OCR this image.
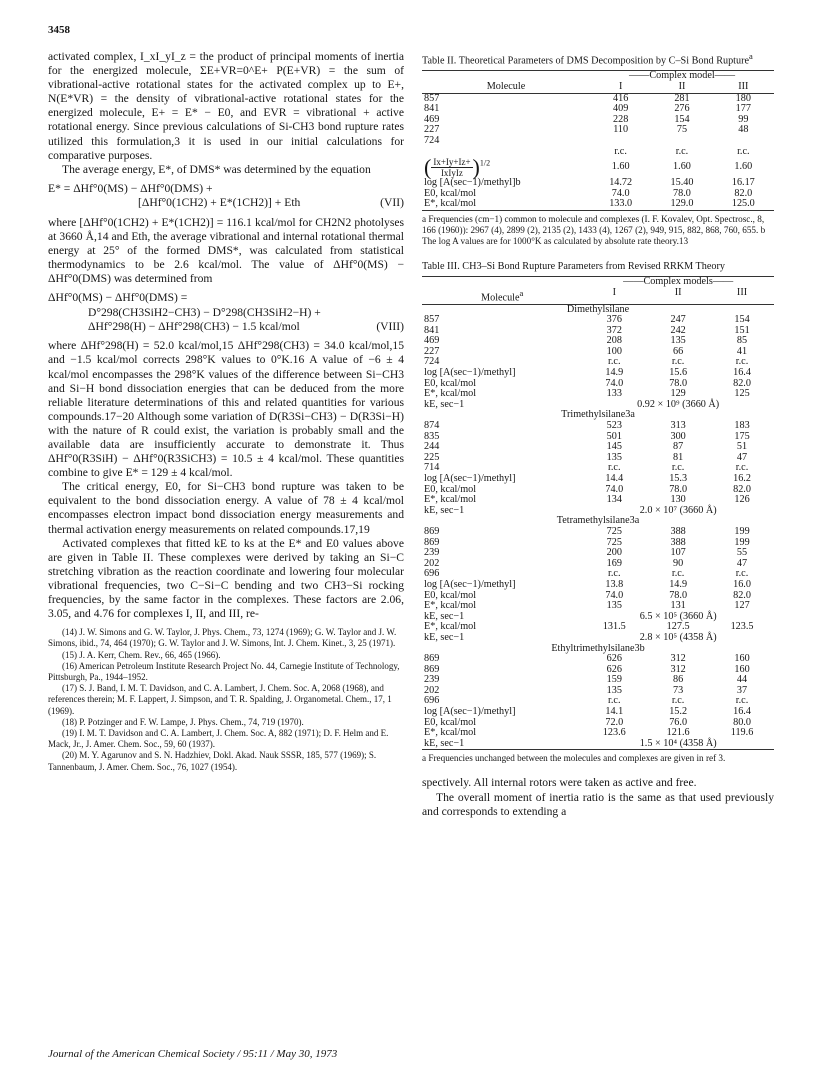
3458

activated complex, I_xI_yI_z = the product of principal moments of inertia for the energized molecule, ΣE+VR=0^E+ P(E+VR) = the sum of vibrational-active rotational states for the activated complex up to E+, N(E*VR) = the density of vibrational-active rotational states for the energized molecule, E+ = E* − E0, and EVR = vibrational + active rotational energy. Since previous calculations of Si-CH3 bond rupture rates utilized this formulation,3 it is used in our initial calculations for comparative purposes.

The average energy, E*, of DMS* was determined by the equation

E* = ΔHf°0(MS) − ΔHf°0(DMS) +
[ΔHf°0(1CH2) + E*(1CH2)] + Eth	(VII)

where [ΔHf°0(1CH2) + E*(1CH2)] = 116.1 kcal/mol for CH2N2 photolyses at 3660 Å,14 and Eth, the average vibrational and internal rotational thermal energy at 25° of the formed DMS*, was calculated from statistical thermodynamics to be 2.6 kcal/mol. The value of ΔHf°0(MS) − ΔHf°0(DMS) was determined from

ΔHf°0(MS) − ΔHf°0(DMS) =
D°298(CH3SiH2−CH3) − D°298(CH3SiH2−H) +
ΔHf°298(H) − ΔHf°298(CH3) − 1.5 kcal/mol	(VIII)

where ΔHf°298(H) = 52.0 kcal/mol,15 ΔHf°298(CH3) = 34.0 kcal/mol,15 and −1.5 kcal/mol corrects 298°K values to 0°K.16 A value of −6 ± 4 kcal/mol encompasses the 298°K values of the difference between Si−CH3 and Si−H bond dissociation energies that can be deduced from the more reliable literature determinations of this and related quantities for various compounds.17−20 Although some variation of D(R3Si−CH3) − D(R3Si−H) with the nature of R could exist, the variation is probably small and the available data are insufficiently accurate to demonstrate it. Thus ΔHf°0(R3SiH) − ΔHf°0(R3SiCH3) = 10.5 ± 4 kcal/mol. These quantities combine to give E* = 129 ± 4 kcal/mol.

The critical energy, E0, for Si−CH3 bond rupture was taken to be equivalent to the bond dissociation energy. A value of 78 ± 4 kcal/mol encompasses electron impact bond dissociation energy measurements and thermal activation energy measurements on related compounds.17,19

Activated complexes that fitted kE to ks at the E* and E0 values above are given in Table II. These complexes were derived by taking an Si−C stretching vibration as the reaction coordinate and lowering four molecular vibrational frequencies, two C−Si−C bending and two CH3−Si rocking frequencies, by the same factor in the complexes. These factors are 2.06, 3.05, and 4.76 for complexes I, II, and III, re-

(14) J. W. Simons and G. W. Taylor, J. Phys. Chem., 73, 1274 (1969); G. W. Taylor and J. W. Simons, ibid., 74, 464 (1970); G. W. Taylor and J. W. Simons, Int. J. Chem. Kinet., 3, 25 (1971).

(15) J. A. Kerr, Chem. Rev., 66, 465 (1966).

(16) American Petroleum Institute Research Project No. 44, Carnegie Institute of Technology, Pittsburgh, Pa., 1944–1952.

(17) S. J. Band, I. M. T. Davidson, and C. A. Lambert, J. Chem. Soc. A, 2068 (1968), and references therein; M. F. Lappert, J. Simpson, and T. R. Spalding, J. Organometal. Chem., 17, 1 (1969).

(18) P. Potzinger and F. W. Lampe, J. Phys. Chem., 74, 719 (1970).

(19) I. M. T. Davidson and C. A. Lambert, J. Chem. Soc. A, 882 (1971); D. F. Helm and E. Mack, Jr., J. Amer. Chem. Soc., 59, 60 (1937).

(20) M. Y. Agarunov and S. N. Hadzhiev, Dokl. Akad. Nauk SSSR, 185, 577 (1969); S. Tannenbaum, J. Amer. Chem. Soc., 76, 1027 (1954).

Table II. Theoretical Parameters of DMS Decomposition by C–Si Bond Rupture$^a$

	——Complex model——		
Molecule	I	II	III
857	416	281	180
841	409	276	177
469	228	154	99
227	110	75	48
724			
	r.c.	r.c.	r.c.
( $\frac{Ix+Iy+Iz+}{\text{IxIyIz}})^{1/2}$	1.60	1.60	1.60
log [A(sec−1)/methyl]b	14.72	15.40	16.17
E0, kcal/mol	74.0	78.0	82.0
E*, kcal/mol	133.0	129.0	125.0

a Frequencies (cm−1) common to molecule and complexes (I. F. Kovalev, Opt. Spectrosc., 8, 166 (1960)): 2967 (4), 2899 (2), 2135 (2), 1433 (4), 1267 (2), 949, 915, 882, 868, 760, 655. b The log A values are for 1000°K as calculated by absolute rate theory.13

Table III. CH3–Si Bond Rupture Parameters from Revised RRKM Theory

	——Complex models——		
Molecule$^a$	I	II	III
Dimethylsilane			
857	376	247	154
841	372	242	151
469	208	135	85
227	100	66	41
724	r.c.	r.c.	r.c.
log [A(sec−1)/methyl]	14.9	15.6	16.4
E0, kcal/mol	74.0	78.0	82.0
E*, kcal/mol	133	129	125
kE, sec−1	0.92 × 10⁹ (3660 Å)		
Trimethylsilane3a			
874	523	313	183
835	501	300	175
244	145	87	51
225	135	81	47
714	r.c.	r.c.	r.c.
log [A(sec−1)/methyl]	14.4	15.3	16.2
E0, kcal/mol	74.0	78.0	82.0
E*, kcal/mol	134	130	126
kE, sec−1	2.0 × 10⁷ (3660 Å)		
Tetramethylsilane3a			
869	725	388	199
869	725	388	199
239	200	107	55
202	169	90	47
696	r.c.	r.c.	r.c.
log [A(sec−1)/methyl]	13.8	14.9	16.0
E0, kcal/mol	74.0	78.0	82.0
E*, kcal/mol	135	131	127
kE, sec−1	6.5 × 10⁵ (3660 Å)		
E*, kcal/mol	131.5	127.5	123.5
kE, sec−1	2.8 × 10⁵ (4358 Å)		
Ethyltrimethylsilane3b			
869	626	312	160
869	626	312	160
239	159	86	44
202	135	73	37
696	r.c.	r.c.	r.c.
log [A(sec−1)/methyl]	14.1	15.2	16.4
E0, kcal/mol	72.0	76.0	80.0
E*, kcal/mol	123.6	121.6	119.6
kE, sec−1	1.5 × 10⁴ (4358 Å)		

a Frequencies unchanged between the molecules and complexes are given in ref 3.

spectively. All internal rotors were taken as active and free.

The overall moment of inertia ratio is the same as that used previously and corresponds to extending a

Journal of the American Chemical Society / 95:11 / May 30, 1973
